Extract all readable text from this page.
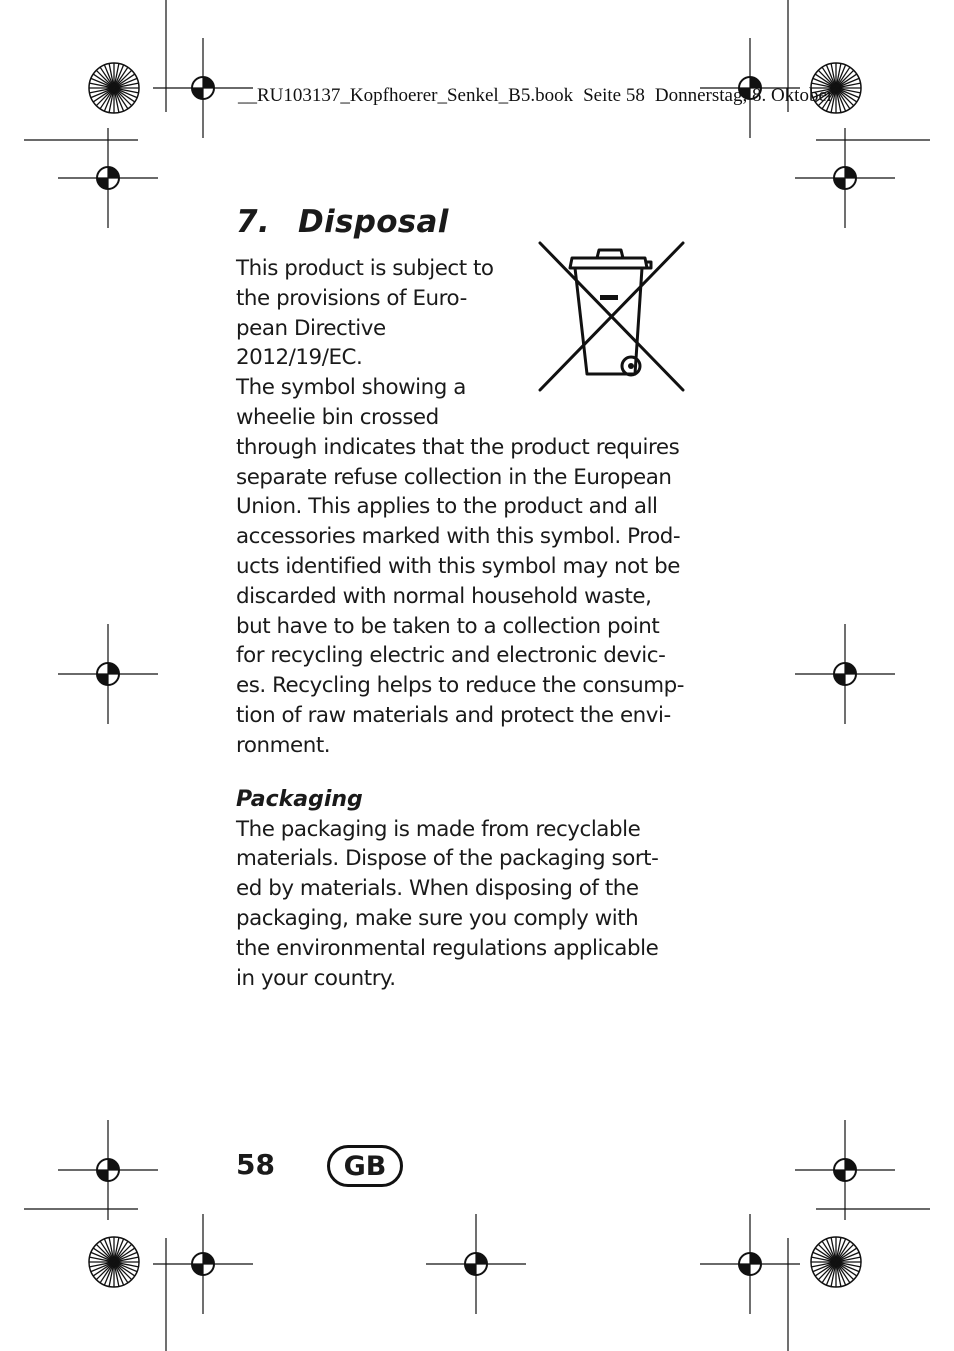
__RU103137_Kopfhoerer_Senkel_B5.book Seite 58 Donnerstag, 8. Oktober
7. Disposal

This product is subject to
the provisions of Euro-
pean Directive
2012/19/EC.
The symbol showing a
wheelie bin crossed

through indicates that the product requires
separate refuse collection in the European
Union. This applies to the product and all
accessories marked with this symbol. Prod-
ucts identified with this symbol may not be
discarded with normal household waste,
but have to be taken to a collection point
for recycling electric and electronic devic-
es. Recycling helps to reduce the consump-
tion of raw materials and protect the envi-
ronment.

Packaging

The packaging is made from recyclable
materials. Dispose of the packaging sort-
ed by materials. When disposing of the
packaging, make sure you comply with
the environmental regulations applicable
in your country.

58	GB
